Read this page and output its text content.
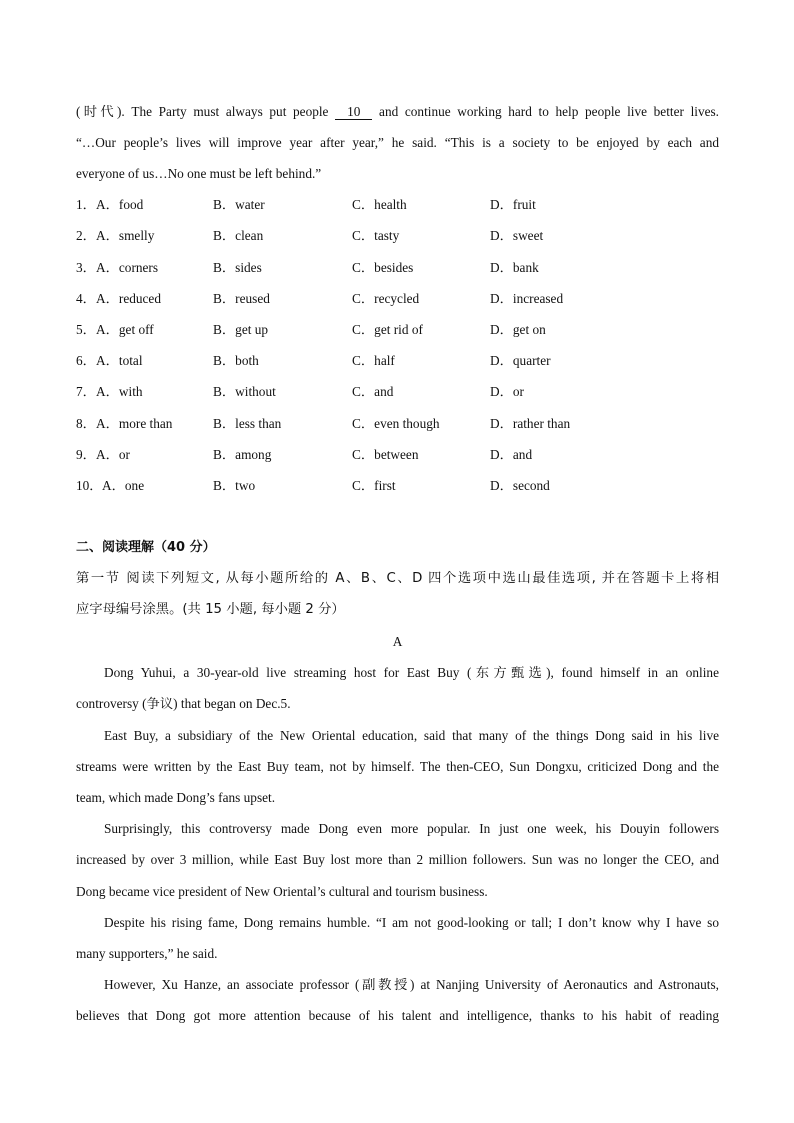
(时代). The Party must always put people 10 and continue working hard to help people live better lives.
“…Our people’s lives will improve year after year,” he said. “This is a society to be enjoyed by each and
everyone of us…No one must be left behind.”
1． A．food	B．water	C．health	D．fruit
2． A．smelly	B．clean	C．tasty	D．sweet
3． A．corners	B．sides	C．besides	D．bank
4． A．reduced	B．reused	C．recycled	D．increased
5． A．get off	B．get up	C．get rid of	D．get on
6． A．total	B．both	C．half	D．quarter
7． A．with	B．without	C．and	D．or
8． A．more than	B．less than	C．even though	D．rather than
9． A．or	B．among	C．between	D．and
10． A．one	B．two	C．first	D．second
二、阅读理解（40 分）
第一节 阅读下列短文, 从每小题所给的 A、B、C、D 四个选项中选山最佳选项, 并在答题卡上将相
应字母编号涂黑。(共 15 小题, 每小题 2 分）
A
Dong Yuhui, a 30-year-old live streaming host for East Buy (东方甄选), found himself in an online
controversy (争议) that began on Dec.5.
East Buy, a subsidiary of the New Oriental education, said that many of the things Dong said in his live
streams were written by the East Buy team, not by himself. The then-CEO, Sun Dongxu, criticized Dong and the
team, which made Dong’s fans upset.
Surprisingly, this controversy made Dong even more popular. In just one week, his Douyin followers
increased by over 3 million, while East Buy lost more than 2 million followers. Sun was no longer the CEO, and
Dong became vice president of New Oriental’s cultural and tourism business.
Despite his rising fame, Dong remains humble. “I am not good-looking or tall; I don’t know why I have so
many supporters,” he said.
However, Xu Hanze, an associate professor (副教授) at Nanjing University of Aeronautics and Astronauts,
believes that Dong got more attention because of his talent and intelligence, thanks to his habit of reading
